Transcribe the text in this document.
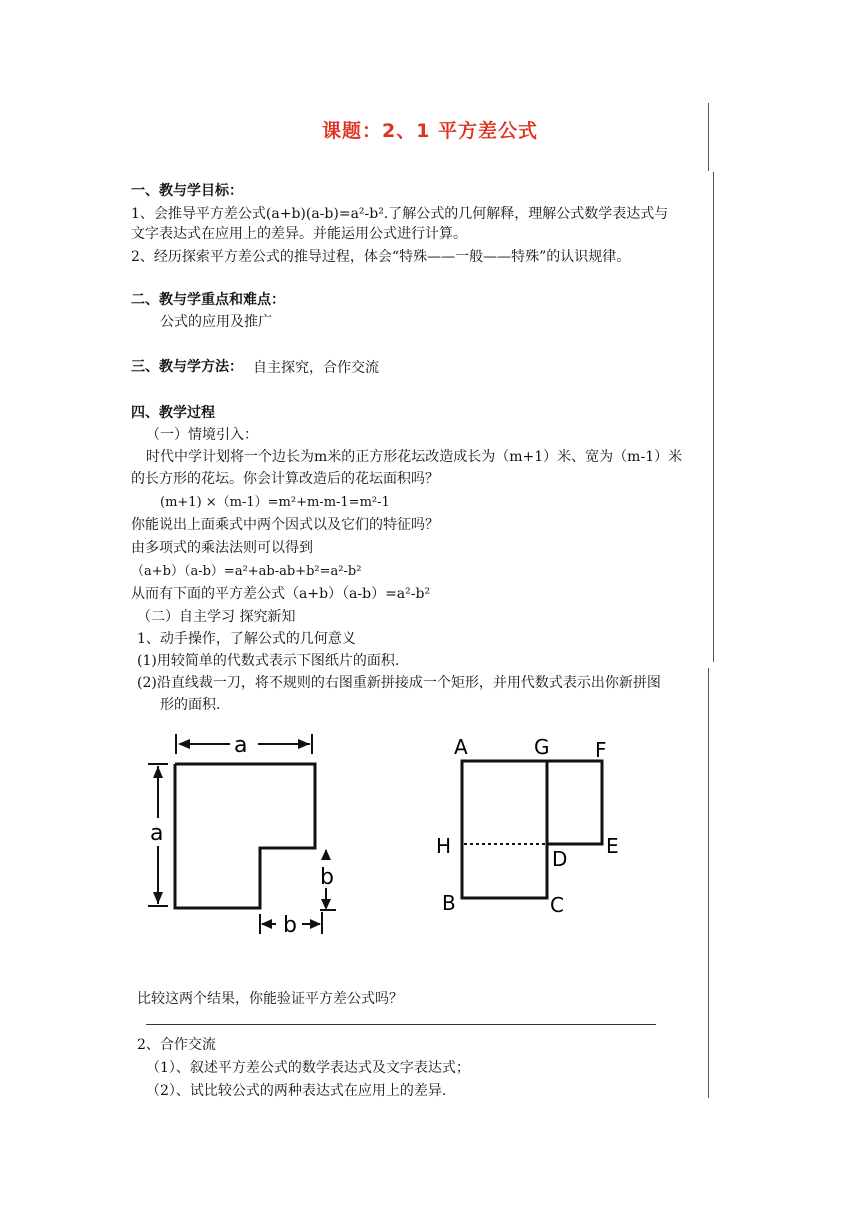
课题：2、1 平方差公式
一、教与学目标：
1、会推导平方差公式(a+b)(a-b)=a²-b².了解公式的几何解释，理解公式数学表达式与
文字表达式在应用上的差异。并能运用公式进行计算。
2、经历探索平方差公式的推导过程，体会“特殊——一般——特殊”的认识规律。
二、教与学重点和难点：
公式的应用及推广
三、教与学方法： 自主探究，合作交流
四、教学过程
（一）情境引入：
时代中学计划将一个边长为m米的正方形花坛改造成长为（m+1）米、宽为（m-1）米
的长方形的花坛。你会计算改造后的花坛面积吗？
(m+1) ×（m-1）=m²+m-m-1=m²-1
你能说出上面乘式中两个因式以及它们的特征吗？
由多项式的乘法法则可以得到
（a+b）（a-b）=a²+ab-ab+b²=a²-b²
从而有下面的平方差公式（a+b）（a-b）=a²-b²
（二）自主学习 探究新知
1、动手操作，了解公式的几何意义
(1)用较简单的代数式表示下图纸片的面积.
(2)沿直线裁一刀，将不规则的右图重新拼接成一个矩形，并用代数式表示出你新拼图
形的面积.
a
a
b
b
A	G F
H
D
E
B	C
比较这两个结果，你能验证平方差公式吗？
2、合作交流
（1）、叙述平方差公式的数学表达式及文字表达式；
（2）、试比较公式的两种表达式在应用上的差异.
